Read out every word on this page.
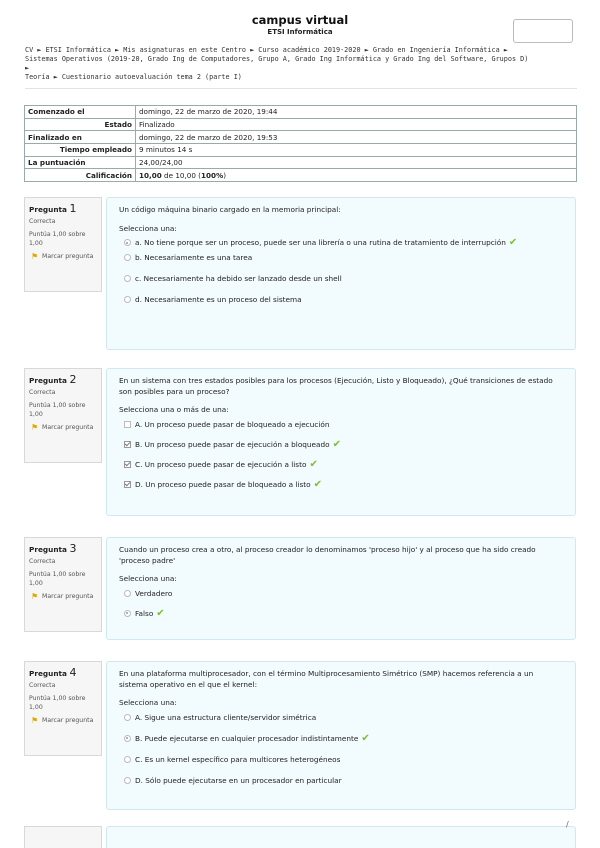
campus virtual
ETSI Informática
CV ► ETSI Informática ► Mis asignaturas en este Centro ► Curso académico 2019-2020 ► Grado en Ingeniería Informática ►
Sistemas Operativos (2019-20, Grado Ing de Computadores, Grupo A, Grado Ing Informática y Grado Ing del Software, Grupos D)
►
Teoría ► Cuestionario autoevaluación tema 2 (parte I)
Comenzado el	domingo, 22 de marzo de 2020, 19:44
Estado	Finalizado
Finalizado en	domingo, 22 de marzo de 2020, 19:53
Tiempo empleado	9 minutos 14 s
La puntuación	24,00/24,00
Calificación	10,00 de 10,00 (100%)
Pregunta 1
Correcta
Puntúa 1,00 sobre 1,00
⚑ Marcar pregunta
Un código máquina binario cargado en la memoria principal:
Selecciona una:
a. No tiene porque ser un proceso, puede ser una librería o una rutina de tratamiento de interrupción ✔
b. Necesariamente es una tarea
c. Necesariamente ha debido ser lanzado desde un shell
d. Necesariamente es un proceso del sistema
Pregunta 2
Correcta
Puntúa 1,00 sobre 1,00
⚑ Marcar pregunta
En un sistema con tres estados posibles para los procesos (Ejecución, Listo y Bloqueado), ¿Qué transiciones de estado son posibles para un proceso?
Selecciona una o más de una:
A. Un proceso puede pasar de bloqueado a ejecución
B. Un proceso puede pasar de ejecución a bloqueado ✔
C. Un proceso puede pasar de ejecución a listo ✔
D. Un proceso puede pasar de bloqueado a listo ✔
Pregunta 3
Correcta
Puntúa 1,00 sobre 1,00
⚑ Marcar pregunta
Cuando un proceso crea a otro, al proceso creador lo denominamos 'proceso hijo' y al proceso que ha sido creado 'proceso padre'
Selecciona una:
Verdadero
Falso ✔
Pregunta 4
Correcta
Puntúa 1,00 sobre 1,00
⚑ Marcar pregunta
En una plataforma multiprocesador, con el término Multiprocesamiento Simétrico (SMP) hacemos referencia a un sistema operativo en el que el kernel:
Selecciona una:
A. Sigue una estructura cliente/servidor simétrica
B. Puede ejecutarse en cualquier procesador indistintamente ✔
C. Es un kernel específico para multicores heterogéneos
D. Sólo puede ejecutarse en un procesador en particular
/
